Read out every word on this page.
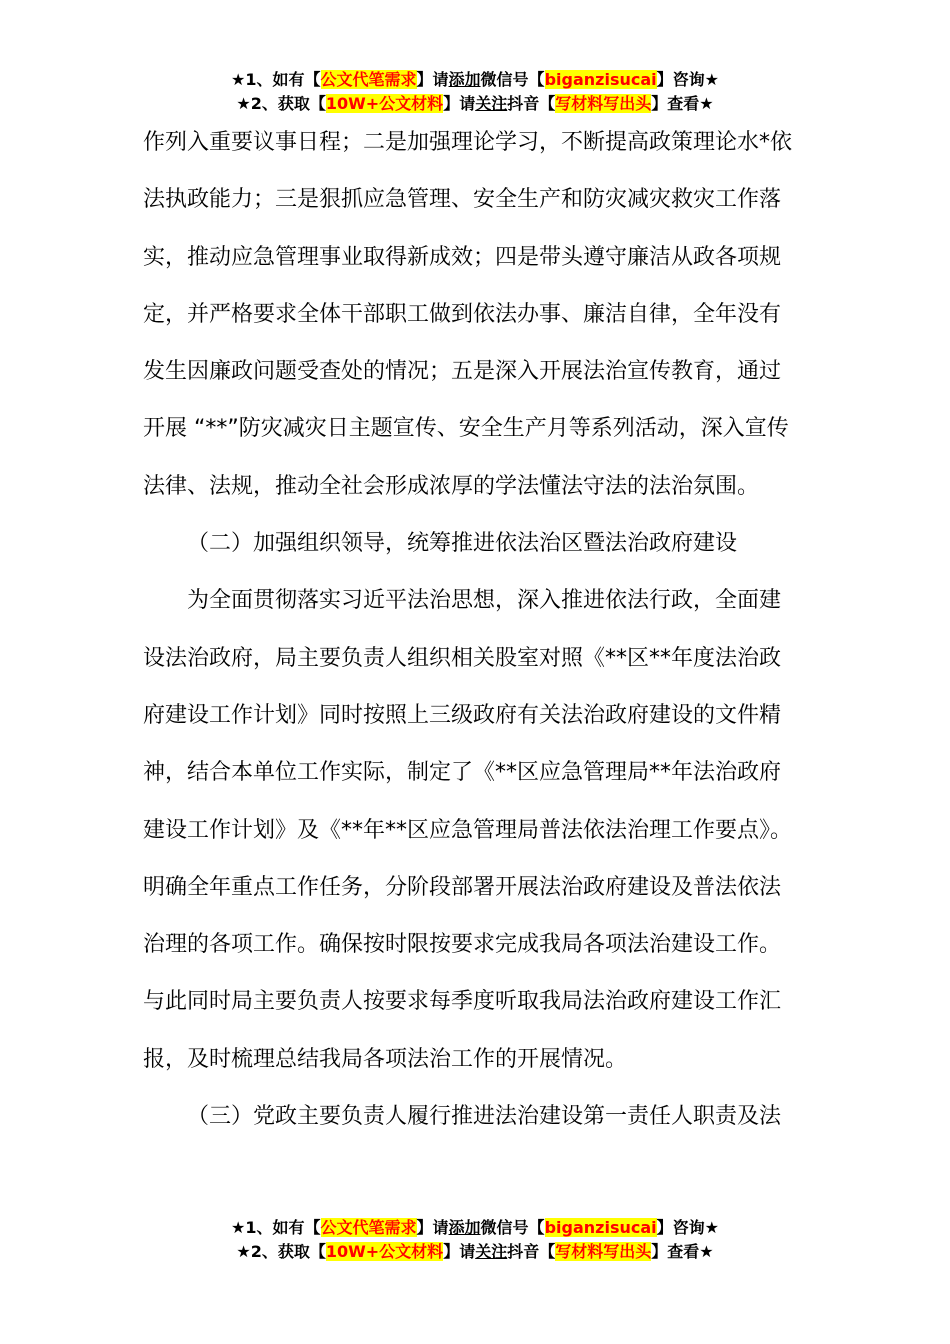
★1、如有【公文代笔需求】请添加微信号【biganzisucai】咨询★
★2、获取【10W+公文材料】请关注抖音【写材料写出头】查看★
作列入重要议事日程；二是加强理论学习，不断提高政策理论水*依
法执政能力；三是狠抓应急管理、安全生产和防灾减灾救灾工作落
实，推动应急管理事业取得新成效；四是带头遵守廉洁从政各项规
定，并严格要求全体干部职工做到依法办事、廉洁自律，全年没有
发生因廉政问题受查处的情况；五是深入开展法治宣传教育，通过
开展 “**”防灾减灾日主题宣传、安全生产月等系列活动，深入宣传
法律、法规，推动全社会形成浓厚的学法懂法守法的法治氛围。
（二）加强组织领导，统筹推进依法治区暨法治政府建设
为全面贯彻落实习近平法治思想，深入推进依法行政，全面建
设法治政府，局主要负责人组织相关股室对照《**区**年度法治政
府建设工作计划》同时按照上三级政府有关法治政府建设的文件精
神，结合本单位工作实际，制定了《**区应急管理局**年法治政府
建设工作计划》及《**年**区应急管理局普法依法治理工作要点》。
明确全年重点工作任务，分阶段部署开展法治政府建设及普法依法
治理的各项工作。确保按时限按要求完成我局各项法治建设工作。
与此同时局主要负责人按要求每季度听取我局法治政府建设工作汇
报，及时梳理总结我局各项法治工作的开展情况。
（三）党政主要负责人履行推进法治建设第一责任人职责及法
★1、如有【公文代笔需求】请添加微信号【biganzisucai】咨询★
★2、获取【10W+公文材料】请关注抖音【写材料写出头】查看★
